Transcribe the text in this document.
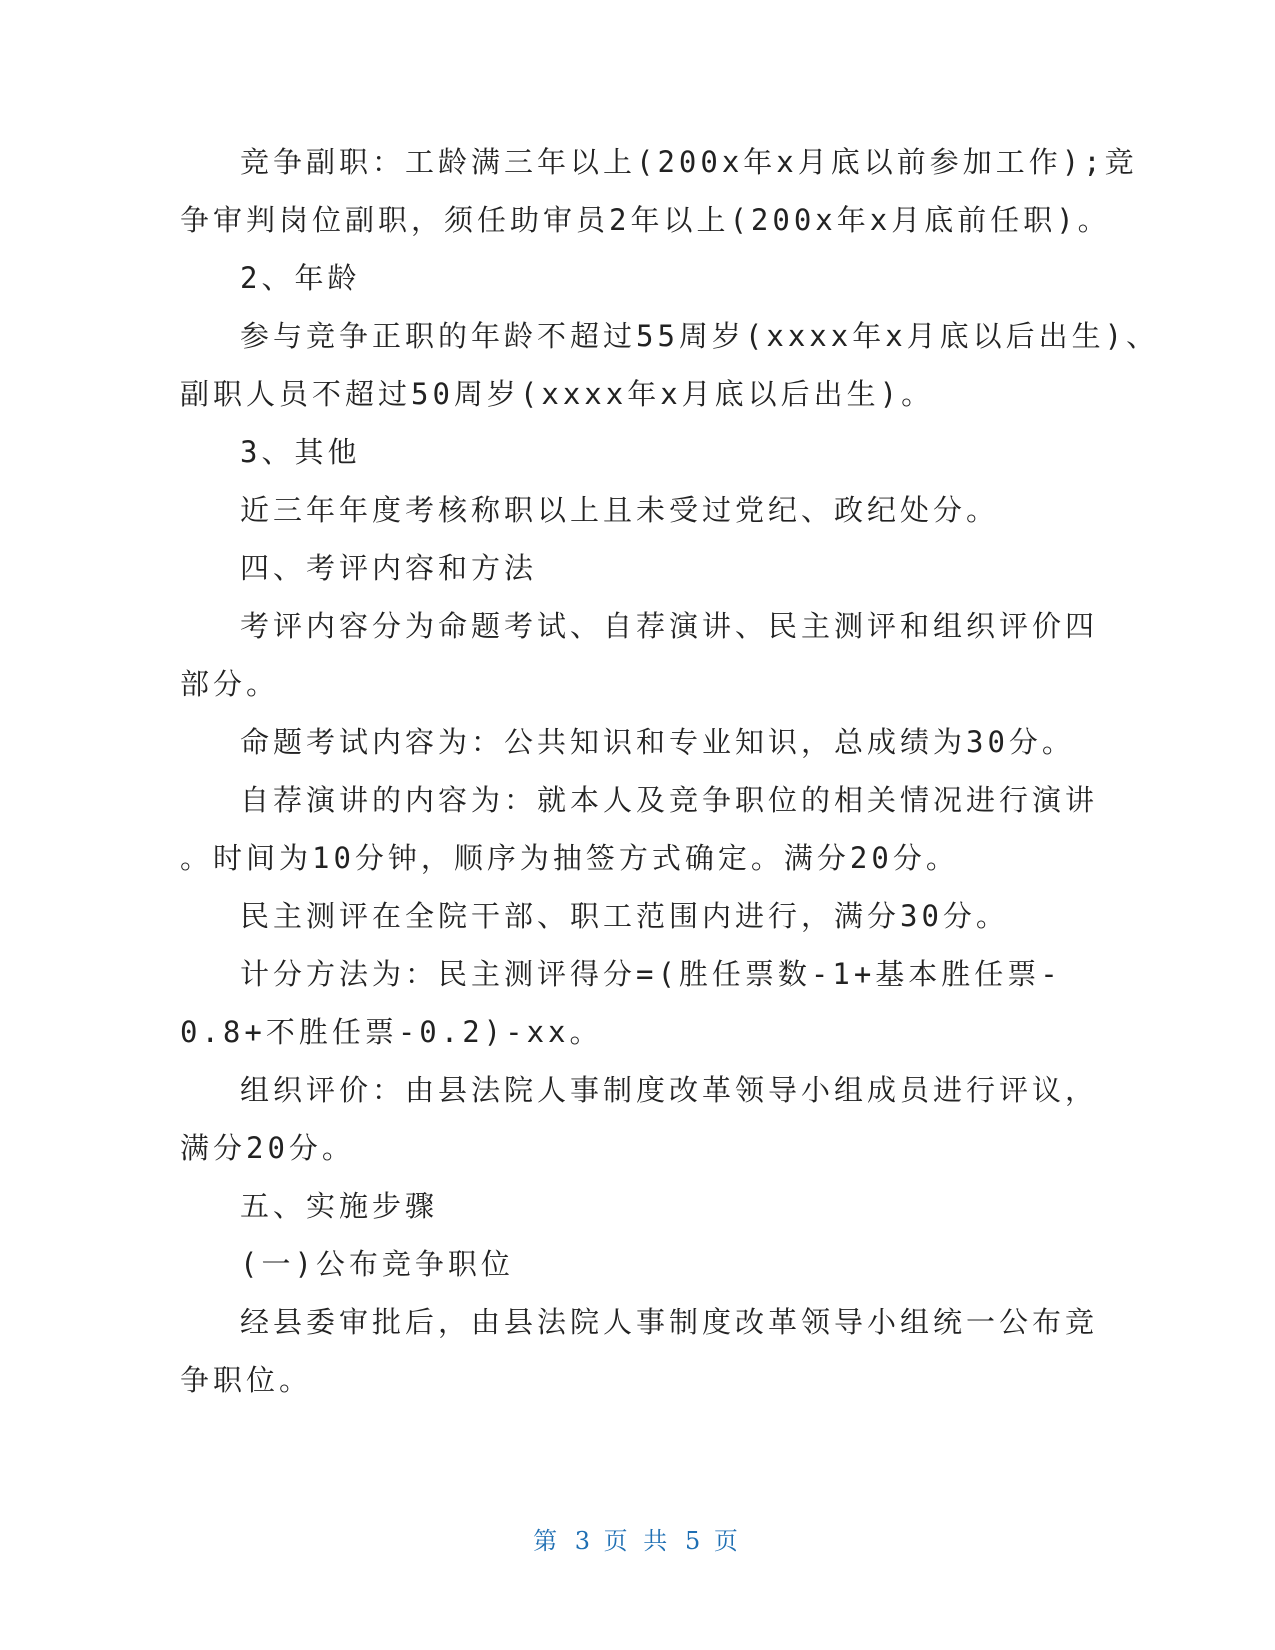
竞争副职：工龄满三年以上(200x年x月底以前参加工作);竞
争审判岗位副职，须任助审员2年以上(200x年x月底前任职)。
2、年龄
参与竞争正职的年龄不超过55周岁(xxxx年x月底以后出生)、
副职人员不超过50周岁(xxxx年x月底以后出生)。
3、其他
近三年年度考核称职以上且未受过党纪、政纪处分。
四、考评内容和方法
考评内容分为命题考试、自荐演讲、民主测评和组织评价四
部分。
命题考试内容为：公共知识和专业知识，总成绩为30分。
自荐演讲的内容为：就本人及竞争职位的相关情况进行演讲
。时间为10分钟，顺序为抽签方式确定。满分20分。
民主测评在全院干部、职工范围内进行，满分30分。
计分方法为：民主测评得分=(胜任票数-1+基本胜任票-
0.8+不胜任票-0.2)-xx。
组织评价：由县法院人事制度改革领导小组成员进行评议，
满分20分。
五、实施步骤
(一)公布竞争职位
经县委审批后，由县法院人事制度改革领导小组统一公布竞
争职位。
第 3 页 共 5 页
